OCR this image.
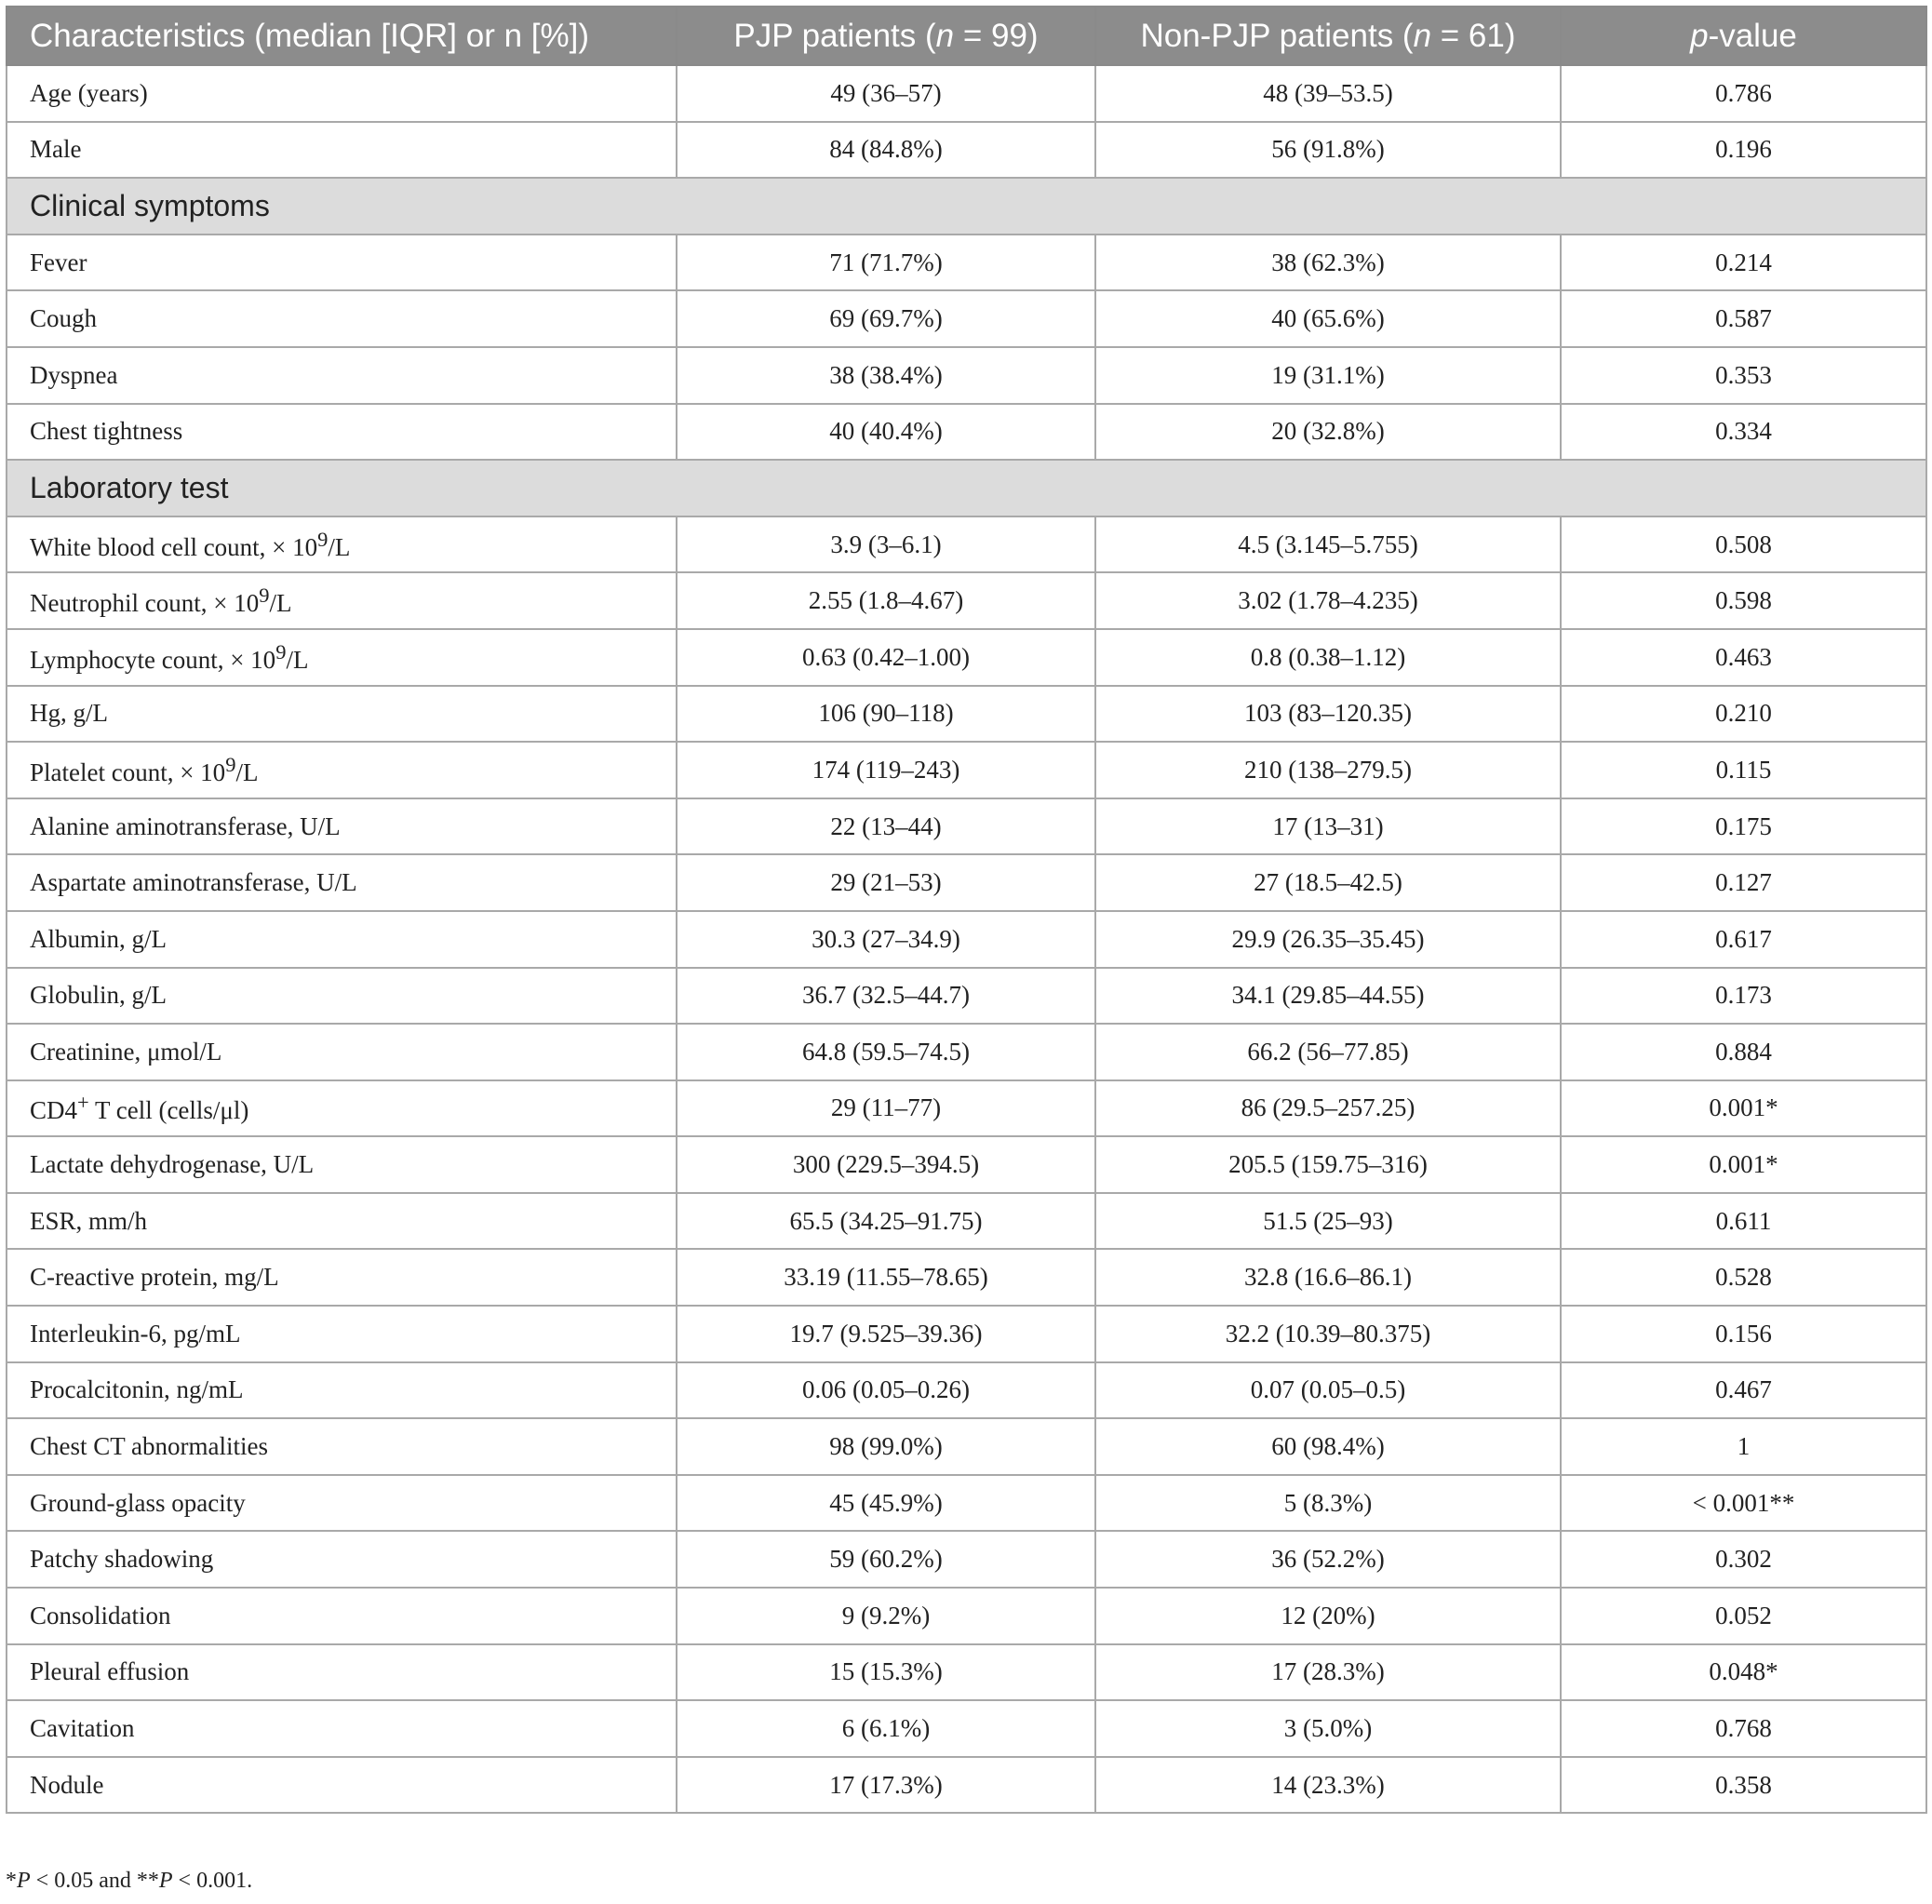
Characteristics (median [IQR] or n [%])	PJP patients (n = 99)	Non-PJP patients (n = 61)	p-value
Age (years)	49 (36–57)	48 (39–53.5)	0.786
Male	84 (84.8%)	56 (91.8%)	0.196
Clinical symptoms			
Fever	71 (71.7%)	38 (62.3%)	0.214
Cough	69 (69.7%)	40 (65.6%)	0.587
Dyspnea	38 (38.4%)	19 (31.1%)	0.353
Chest tightness	40 (40.4%)	20 (32.8%)	0.334
Laboratory test			
White blood cell count, × $10^9/L$	3.9 (3–6.1)	4.5 (3.145–5.755)	0.508
Neutrophil count, × $10^9/L$	2.55 (1.8–4.67)	3.02 (1.78–4.235)	0.598
Lymphocyte count, × $10^9/L$	0.63 (0.42–1.00)	0.8 (0.38–1.12)	0.463
Hg, g/L	106 (90–118)	103 (83–120.35)	0.210
Platelet count, × $10^9/L$	174 (119–243)	210 (138–279.5)	0.115
Alanine aminotransferase, U/L	22 (13–44)	17 (13–31)	0.175
Aspartate aminotransferase, U/L	29 (21–53)	27 (18.5–42.5)	0.127
Albumin, g/L	30.3 (27–34.9)	29.9 (26.35–35.45)	0.617
Globulin, g/L	36.7 (32.5–44.7)	34.1 (29.85–44.55)	0.173
Creatinine, μmol/L	64.8 (59.5–74.5)	66.2 (56–77.85)	0.884
CD4+ T cell (cells/μl)	29 (11–77)	86 (29.5–257.25)	0.001*
Lactate dehydrogenase, U/L	300 (229.5–394.5)	205.5 (159.75–316)	0.001*
ESR, mm/h	65.5 (34.25–91.75)	51.5 (25–93)	0.611
C-reactive protein, mg/L	33.19 (11.55–78.65)	32.8 (16.6–86.1)	0.528
Interleukin-6, pg/mL	19.7 (9.525–39.36)	32.2 (10.39–80.375)	0.156
Procalcitonin, ng/mL	0.06 (0.05–0.26)	0.07 (0.05–0.5)	0.467
Chest CT abnormalities	98 (99.0%)	60 (98.4%)	1
Ground-glass opacity	45 (45.9%)	5 (8.3%)	< 0.001**
Patchy shadowing	59 (60.2%)	36 (52.2%)	0.302
Consolidation	9 (9.2%)	12 (20%)	0.052
Pleural effusion	15 (15.3%)	17 (28.3%)	0.048*
Cavitation	6 (6.1%)	3 (5.0%)	0.768
Nodule	17 (17.3%)	14 (23.3%)	0.358
*P < 0.05 and **P < 0.001.
